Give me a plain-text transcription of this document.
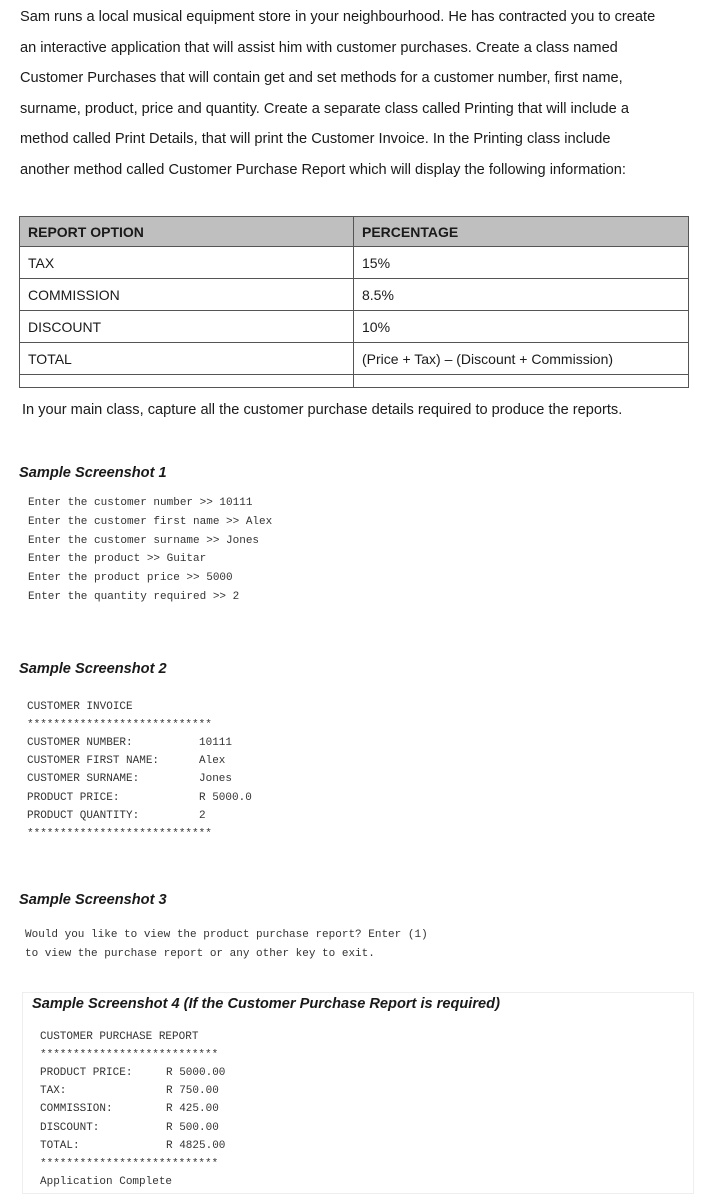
Sam runs a local musical equipment store in your neighbourhood. He has contracted you to create
an interactive application that will assist him with customer purchases. Create a class named
Customer Purchases that will contain get and set methods for a customer number, first name,
surname, product, price and quantity. Create a separate class called Printing that will include a
method called Print Details, that will print the Customer Invoice. In the Printing class include
another method called Customer Purchase Report which will display the following information:
REPORT OPTION	PERCENTAGE
TAX	15%
COMMISSION	8.5%
DISCOUNT	10%
TOTAL	(Price + Tax) – (Discount + Commission)

In your main class, capture all the customer purchase details required to produce the reports.

Sample Screenshot 1

Enter the customer number >> 10111
Enter the customer first name >> Alex
Enter the customer surname >> Jones
Enter the product >> Guitar
Enter the product price >> 5000
Enter the quantity required >> 2

Sample Screenshot 2

CUSTOMER INVOICE
****************************
CUSTOMER NUMBER:	10111
CUSTOMER FIRST NAME:	Alex
CUSTOMER SURNAME:	Jones
PRODUCT PRICE:	R 5000.0
PRODUCT QUANTITY:	2
****************************

Sample Screenshot 3

Would you like to view the product purchase report? Enter (1)
to view the purchase report or any other key to exit.

Sample Screenshot 4 (If the Customer Purchase Report is required)

CUSTOMER PURCHASE REPORT
***************************
PRODUCT PRICE:	R 5000.00
TAX:	R 750.00
COMMISSION:	R 425.00
DISCOUNT:	R 500.00
TOTAL:	R 4825.00
***************************
Application Complete
